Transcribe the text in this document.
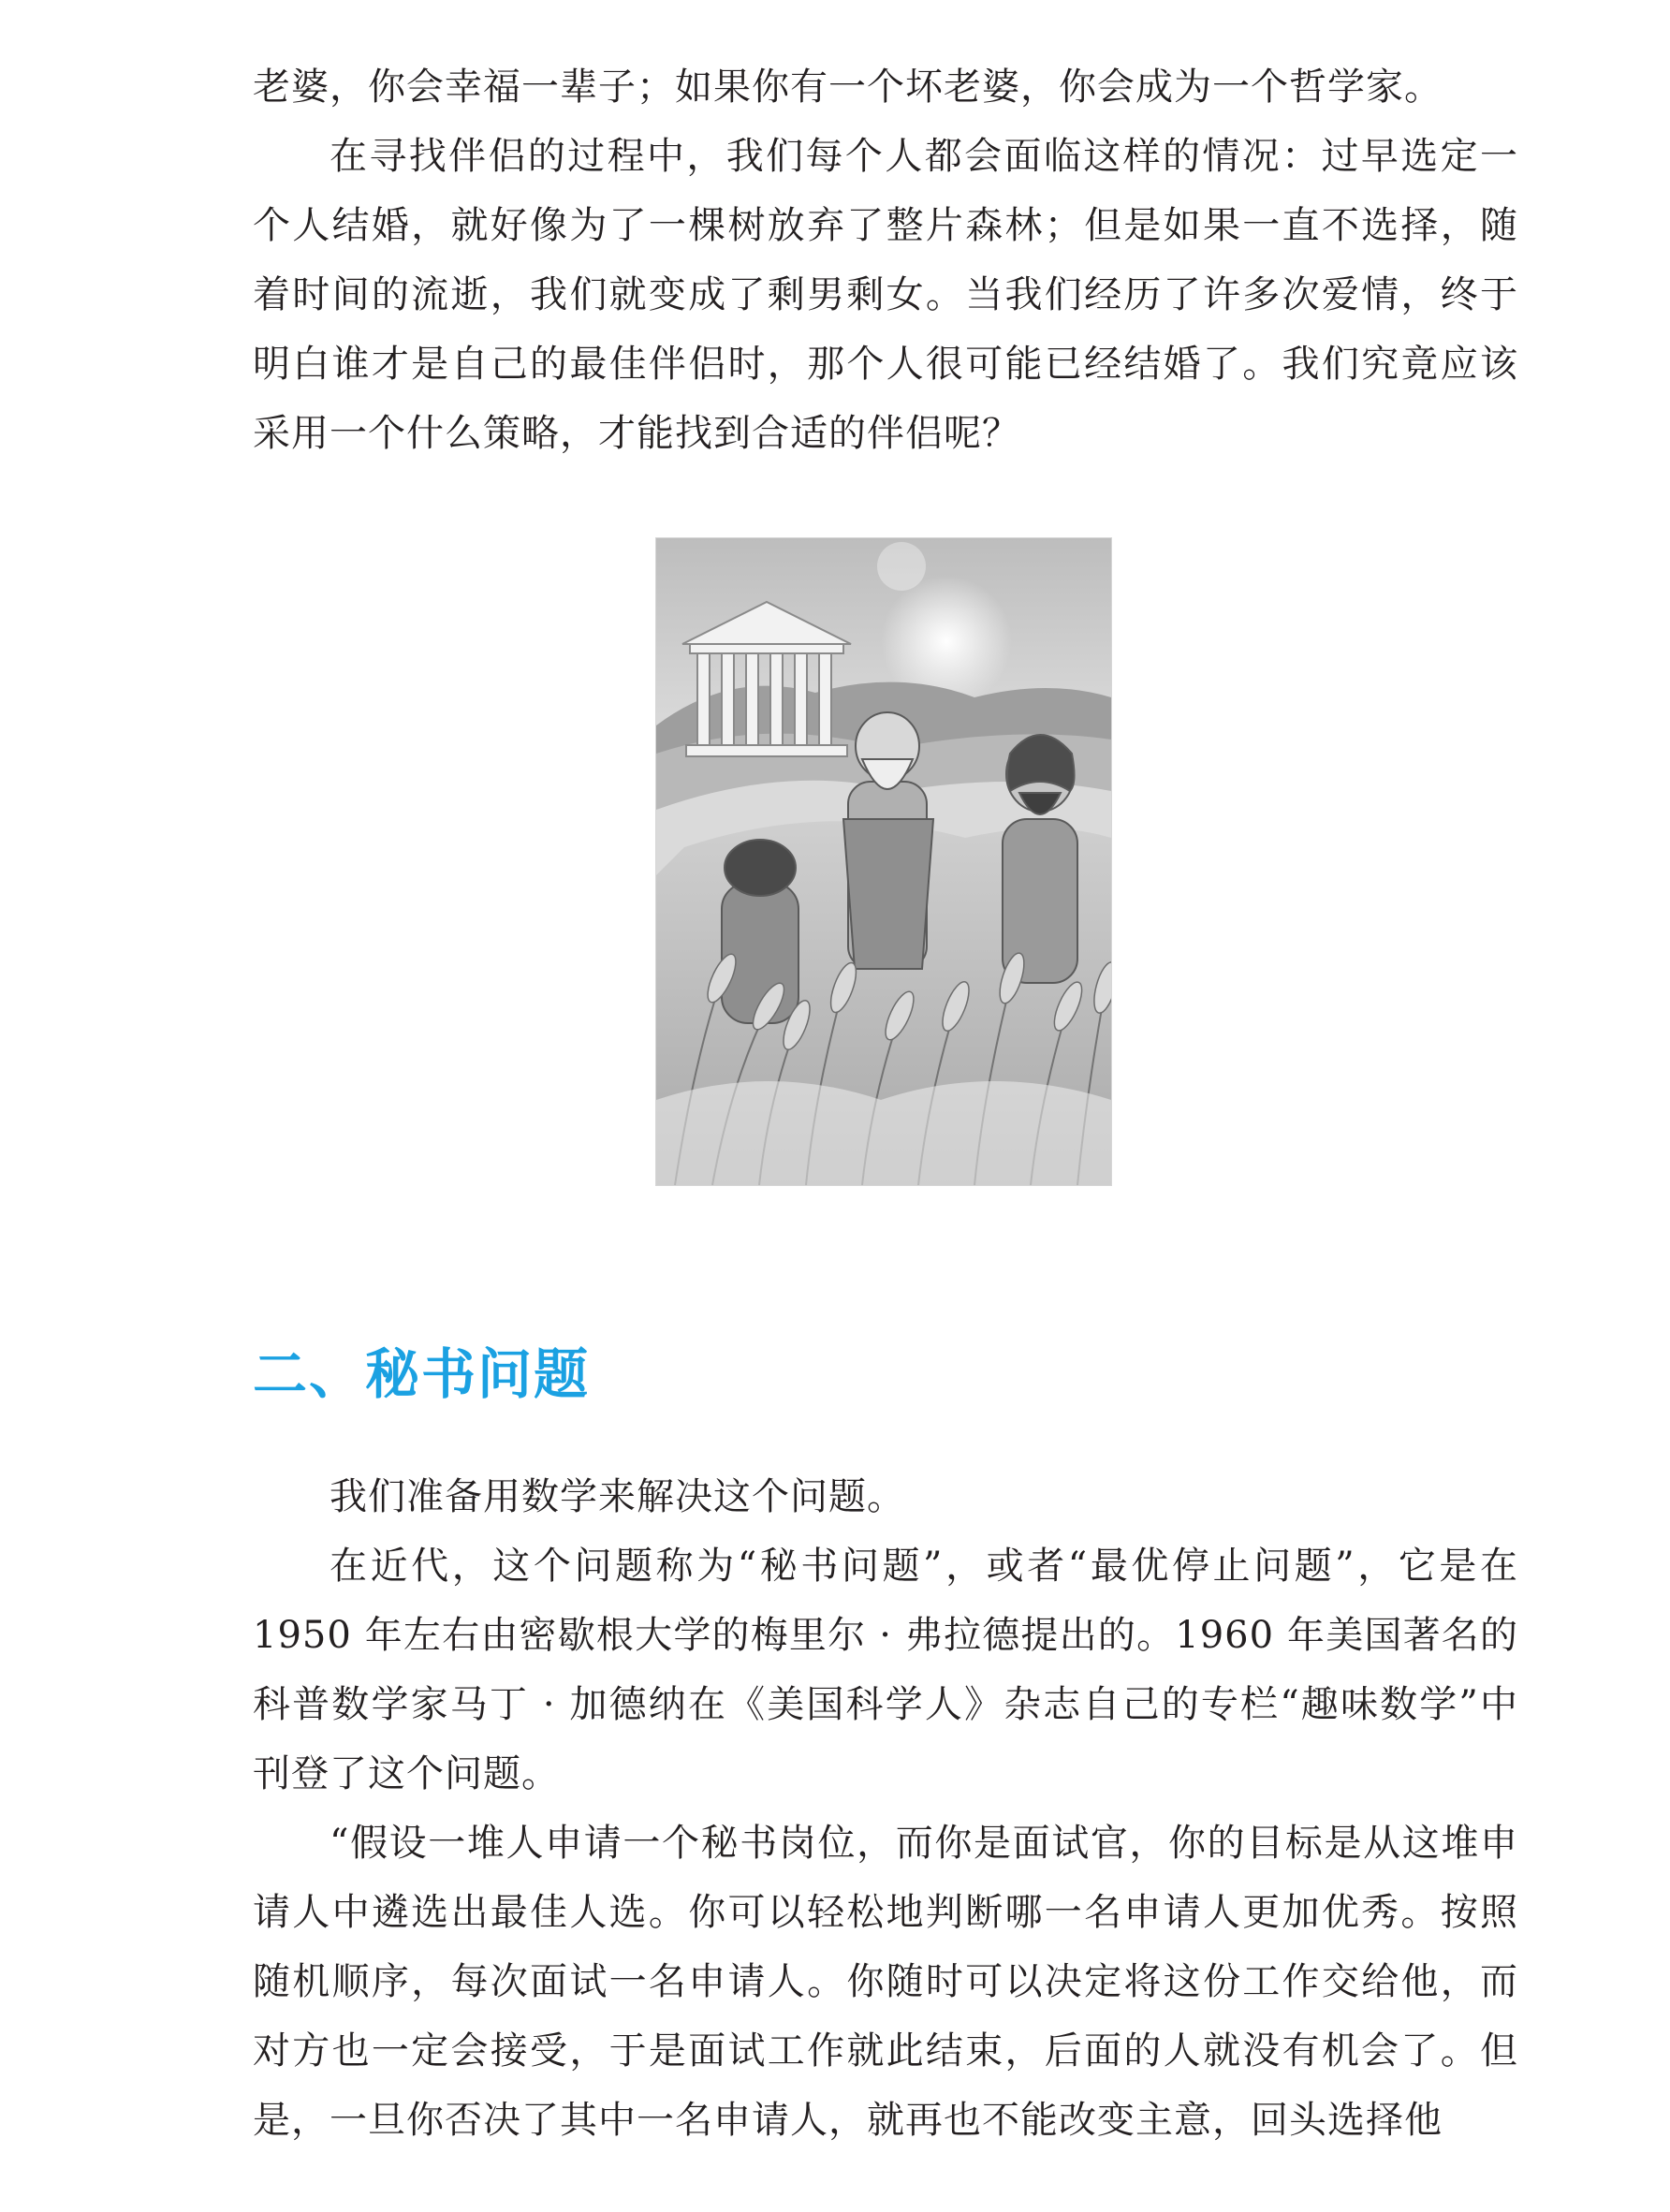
老婆，你会幸福一辈子；如果你有一个坏老婆，你会成为一个哲学家。

在寻找伴侣的过程中，我们每个人都会面临这样的情况：过早选定一个人结婚，就好像为了一棵树放弃了整片森林；但是如果一直不选择，随着时间的流逝，我们就变成了剩男剩女。当我们经历了许多次爱情，终于明白谁才是自己的最佳伴侣时，那个人很可能已经结婚了。我们究竟应该采用一个什么策略，才能找到合适的伴侣呢？

二、秘书问题

我们准备用数学来解决这个问题。

在近代，这个问题称为“秘书问题”，或者“最优停止问题”，它是在 1950 年左右由密歇根大学的梅里尔 · 弗拉德提出的。1960 年美国著名的科普数学家马丁 · 加德纳在《美国科学人》杂志自己的专栏“趣味数学”中刊登了这个问题。

“假设一堆人申请一个秘书岗位，而你是面试官，你的目标是从这堆申请人中遴选出最佳人选。你可以轻松地判断哪一名申请人更加优秀。按照随机顺序，每次面试一名申请人。你随时可以决定将这份工作交给他，而对方也一定会接受，于是面试工作就此结束，后面的人就没有机会了。但是，一旦你否决了其中一名申请人，就再也不能改变主意，回头选择他
